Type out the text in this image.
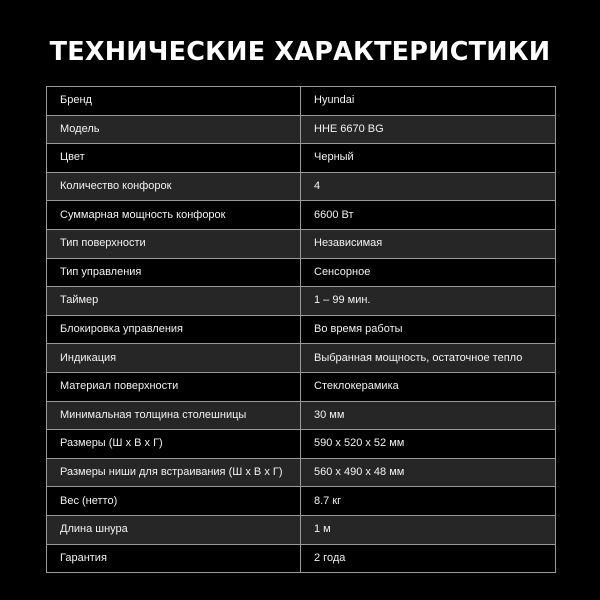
ТЕХНИЧЕСКИЕ ХАРАКТЕРИСТИКИ
Бренд	Hyundai
Модель	HHE 6670 BG
Цвет	Черный
Количество конфорок	4
Суммарная мощность конфорок	6600 Вт
Тип поверхности	Независимая
Тип управления	Сенсорное
Таймер	1 – 99 мин.
Блокировка управления	Во время работы
Индикация	Выбранная мощность, остаточное тепло
Материал поверхности	Стеклокерамика
Минимальная толщина столешницы	30 мм
Размеры (Ш х В х Г)	590 х 520 х 52 мм
Размеры ниши для встраивания (Ш х В х Г)	560 х 490 х 48 мм
Вес (нетто)	8.7 кг
Длина шнура	1 м
Гарантия	2 года
